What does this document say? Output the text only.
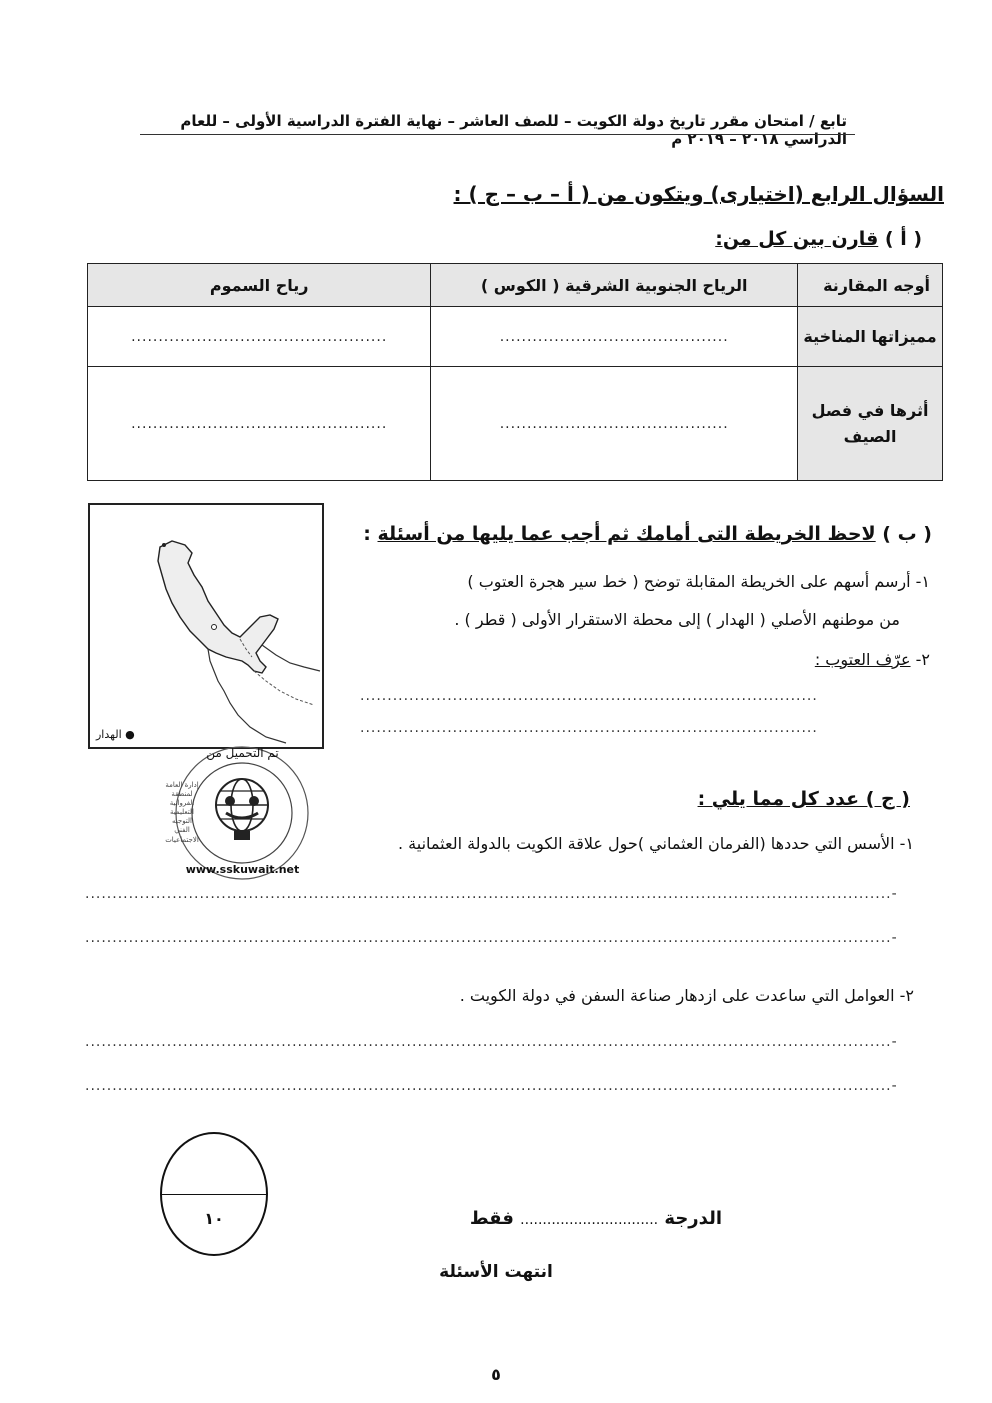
تابع / امتحان مقرر تاريخ دولة الكويت – للصف العاشر – نهاية الفترة الدراسية الأولى – للعام الدراسي ٢٠١٨ – ٢٠١٩ م
السؤال الرابع (اختيارى) ويتكون من ( أ – ب – ج ) :
( أ ) قارن بين كل من:
أوجه المقارنة	الرياح الجنوبية الشرقية ( الكوس )	رياح السموم
مميزاتها المناخية	..........................................	...............................................
أثرها في فصل الصيف	..........................................	...............................................
● الهدار
تم التحميل من
إدارة العامة لمنطقة الفروانية التعليمية التوجيه الفني الاجتماعيات
www.sskuwait.net
( ب ) لاحظ الخريطة التى أمامك ثم أجب عما يليها من أسئلة :
١- أرسم أسهم على الخريطة المقابلة توضح ( خط سير هجرة العتوب )
من موطنهم الأصلي ( الهدار ) إلى محطة الاستقرار الأولى ( قطر ) .
٢- عرّف العتوب :
....................................................................................
....................................................................................
( ج ) عدد كل مما يلي :
١- الأسس التي حددها (الفرمان العثماني )حول علاقة الكويت بالدولة العثمانية .
....................................................................................................................................................-
....................................................................................................................................................-
٢- العوامل التي ساعدت على ازدهار صناعة السفن في دولة الكويت .
....................................................................................................................................................-
....................................................................................................................................................-
١٠	الدرجة ............................... فقط
انتهت الأسئلة
٥
